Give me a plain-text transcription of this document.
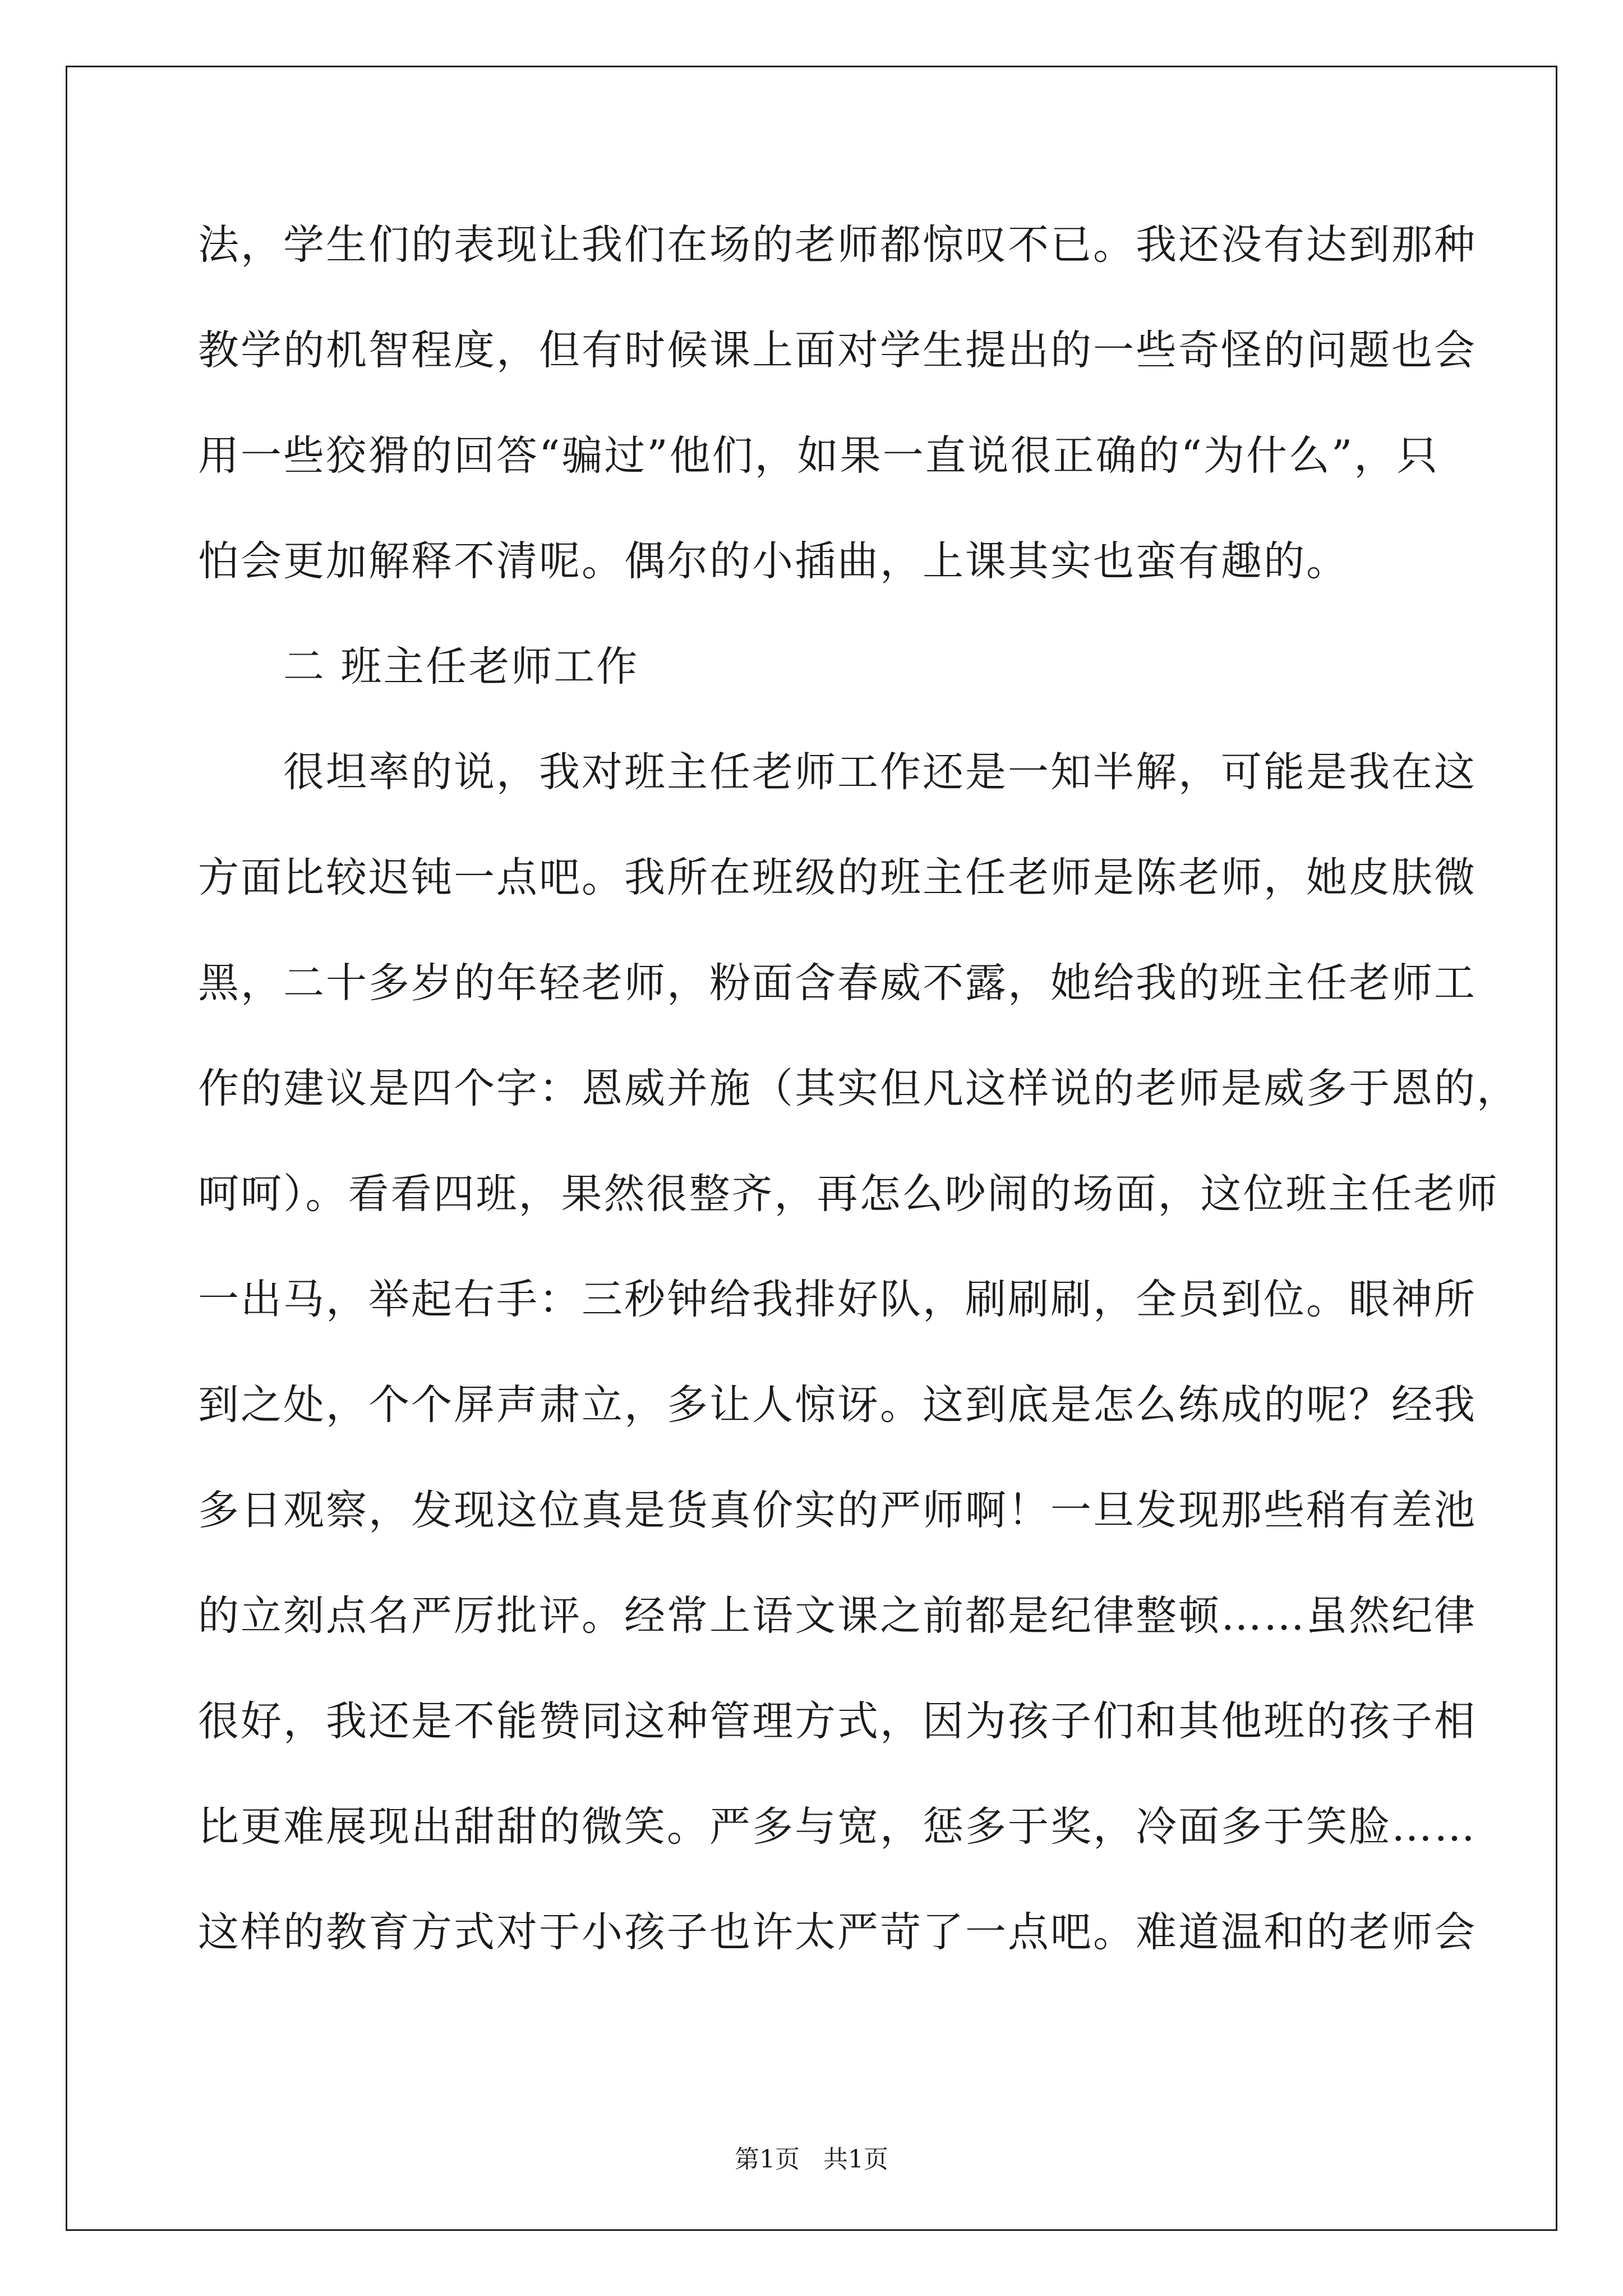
法，学生们的表现让我们在场的老师都惊叹不已。我还没有达到那种
教学的机智程度，但有时候课上面对学生提出的一些奇怪的问题也会
用一些狡猾的回答“骗过”他们，如果一直说很正确的“为什么”，只
怕会更加解释不清呢。偶尔的小插曲，上课其实也蛮有趣的。
二 班主任老师工作
很坦率的说，我对班主任老师工作还是一知半解，可能是我在这
方面比较迟钝一点吧。我所在班级的班主任老师是陈老师，她皮肤微
黑，二十多岁的年轻老师，粉面含春威不露，她给我的班主任老师工
作的建议是四个字：恩威并施（其实但凡这样说的老师是威多于恩的，
呵呵）。看看四班，果然很整齐，再怎么吵闹的场面，这位班主任老师
一出马，举起右手：三秒钟给我排好队，刷刷刷，全员到位。眼神所
到之处，个个屏声肃立，多让人惊讶。这到底是怎么练成的呢？经我
多日观察，发现这位真是货真价实的严师啊！一旦发现那些稍有差池
的立刻点名严厉批评。经常上语文课之前都是纪律整顿……虽然纪律
很好，我还是不能赞同这种管理方式，因为孩子们和其他班的孩子相
比更难展现出甜甜的微笑。严多与宽，惩多于奖，冷面多于笑脸……
这样的教育方式对于小孩子也许太严苛了一点吧。难道温和的老师会
第1页   共1页
